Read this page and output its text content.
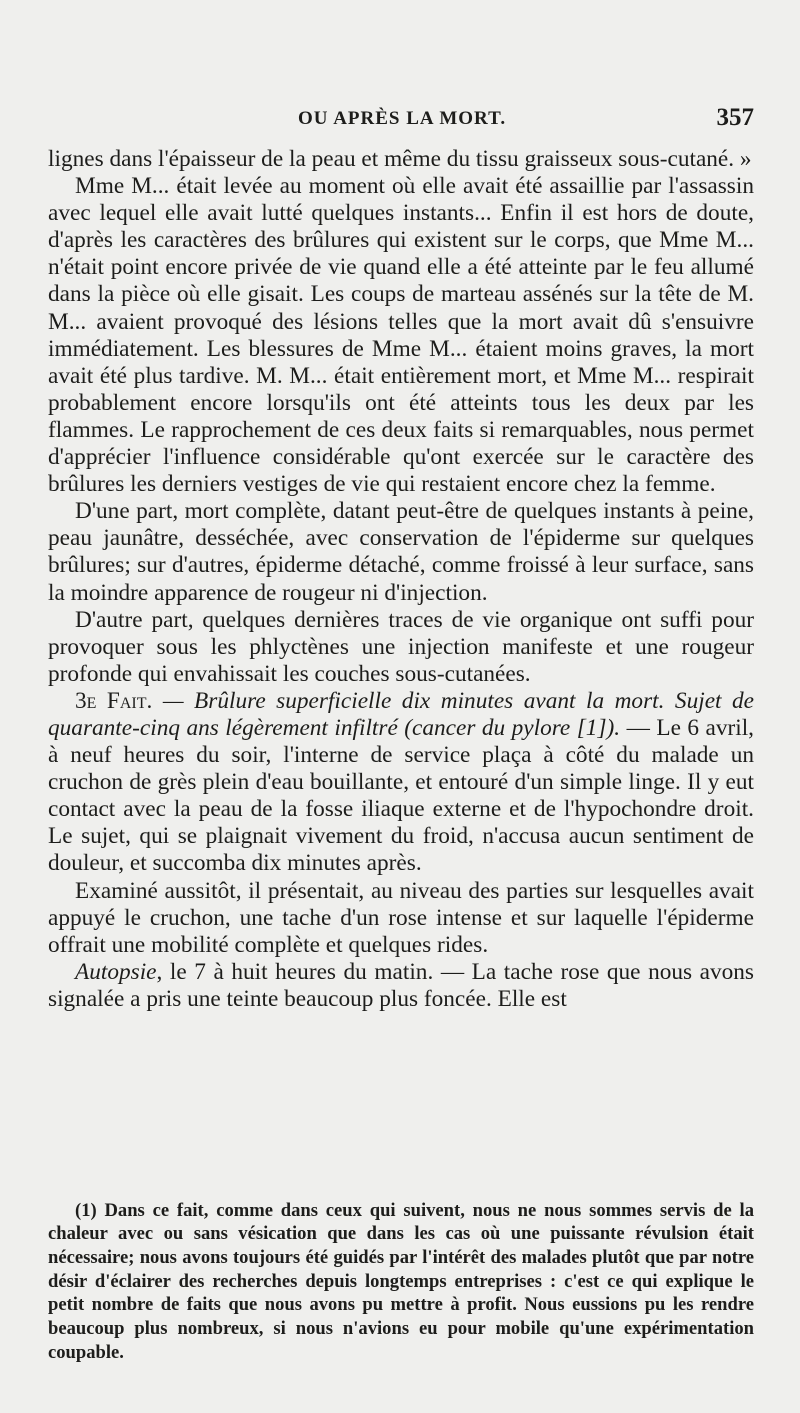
OU APRÈS LA MORT.	357

lignes dans l'épaisseur de la peau et même du tissu graisseux sous-cutané. »

Mme M... était levée au moment où elle avait été assaillie par l'assassin avec lequel elle avait lutté quelques instants... Enfin il est hors de doute, d'après les caractères des brûlures qui existent sur le corps, que Mme M... n'était point encore privée de vie quand elle a été atteinte par le feu allumé dans la pièce où elle gisait. Les coups de marteau assénés sur la tête de M. M... avaient provoqué des lésions telles que la mort avait dû s'ensuivre immédiatement. Les blessures de Mme M... étaient moins graves, la mort avait été plus tardive. M. M... était entièrement mort, et Mme M... respirait probablement encore lorsqu'ils ont été atteints tous les deux par les flammes. Le rapprochement de ces deux faits si remarquables, nous permet d'apprécier l'influence considérable qu'ont exercée sur le caractère des brûlures les derniers vestiges de vie qui restaient encore chez la femme.

D'une part, mort complète, datant peut-être de quelques instants à peine, peau jaunâtre, desséchée, avec conservation de l'épiderme sur quelques brûlures; sur d'autres, épiderme détaché, comme froissé à leur surface, sans la moindre apparence de rougeur ni d'injection.

D'autre part, quelques dernières traces de vie organique ont suffi pour provoquer sous les phlyctènes une injection manifeste et une rougeur profonde qui envahissait les couches sous-cutanées.

3e Fait. — Brûlure superficielle dix minutes avant la mort. Sujet de quarante-cinq ans légèrement infiltré (cancer du pylore [1]). — Le 6 avril, à neuf heures du soir, l'interne de service plaça à côté du malade un cruchon de grès plein d'eau bouillante, et entouré d'un simple linge. Il y eut contact avec la peau de la fosse iliaque externe et de l'hypochondre droit. Le sujet, qui se plaignait vivement du froid, n'accusa aucun sentiment de douleur, et succomba dix minutes après.

Examiné aussitôt, il présentait, au niveau des parties sur lesquelles avait appuyé le cruchon, une tache d'un rose intense et sur laquelle l'épiderme offrait une mobilité complète et quelques rides.

Autopsie, le 7 à huit heures du matin. — La tache rose que nous avons signalée a pris une teinte beaucoup plus foncée. Elle est

(1) Dans ce fait, comme dans ceux qui suivent, nous ne nous sommes servis de la chaleur avec ou sans vésication que dans les cas où une puissante révulsion était nécessaire; nous avons toujours été guidés par l'intérêt des malades plutôt que par notre désir d'éclairer des recherches depuis longtemps entreprises : c'est ce qui explique le petit nombre de faits que nous avons pu mettre à profit. Nous eussions pu les rendre beaucoup plus nombreux, si nous n'avions eu pour mobile qu'une expérimentation coupable.
